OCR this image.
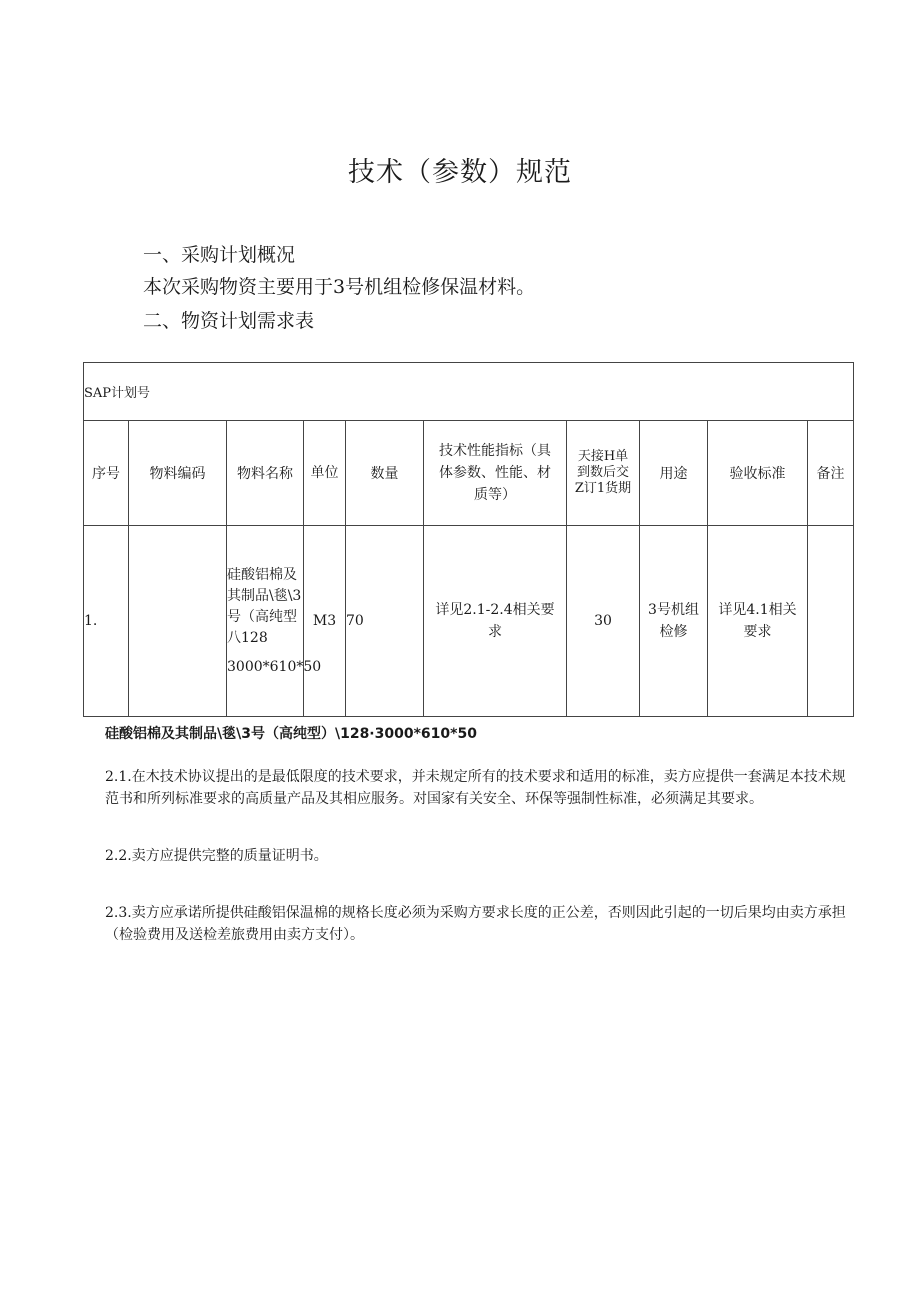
技术（参数）规范
一、采购计划概况
本次采购物资主要用于3号机组检修保温材料。
二、物资计划需求表
SAP计划号									
序号	物料编码	物料名称	单位	数量	技术性能指标（具体参数、性能、材质等）	天接H单到数后交Z订1货期	用途	验收标准	备注
1.		硅酸铝棉及其制品\毯\3号（高纯型八128
3000*610*50	M3	70	详见2.1-2.4相关要求	30	3号机组检修	详见4.1相关要求	
硅酸铝棉及其制品\毯\3号（高纯型）\128·3000*610*50
2.1.在木技术协议提出的是最低限度的技术要求，并未规定所有的技术要求和适用的标准，卖方应提供一套满足本技术规范书和所列标准要求的高质量产品及其相应服务。对国家有关安全、环保等强制性标准，必须满足其要求。
2.2.卖方应提供完整的质量证明书。
2.3.卖方应承诺所提供硅酸铝保温棉的规格长度必须为采购方要求长度的正公差，否则因此引起的一切后果均由卖方承担（检验费用及送检差旅费用由卖方支付）。
